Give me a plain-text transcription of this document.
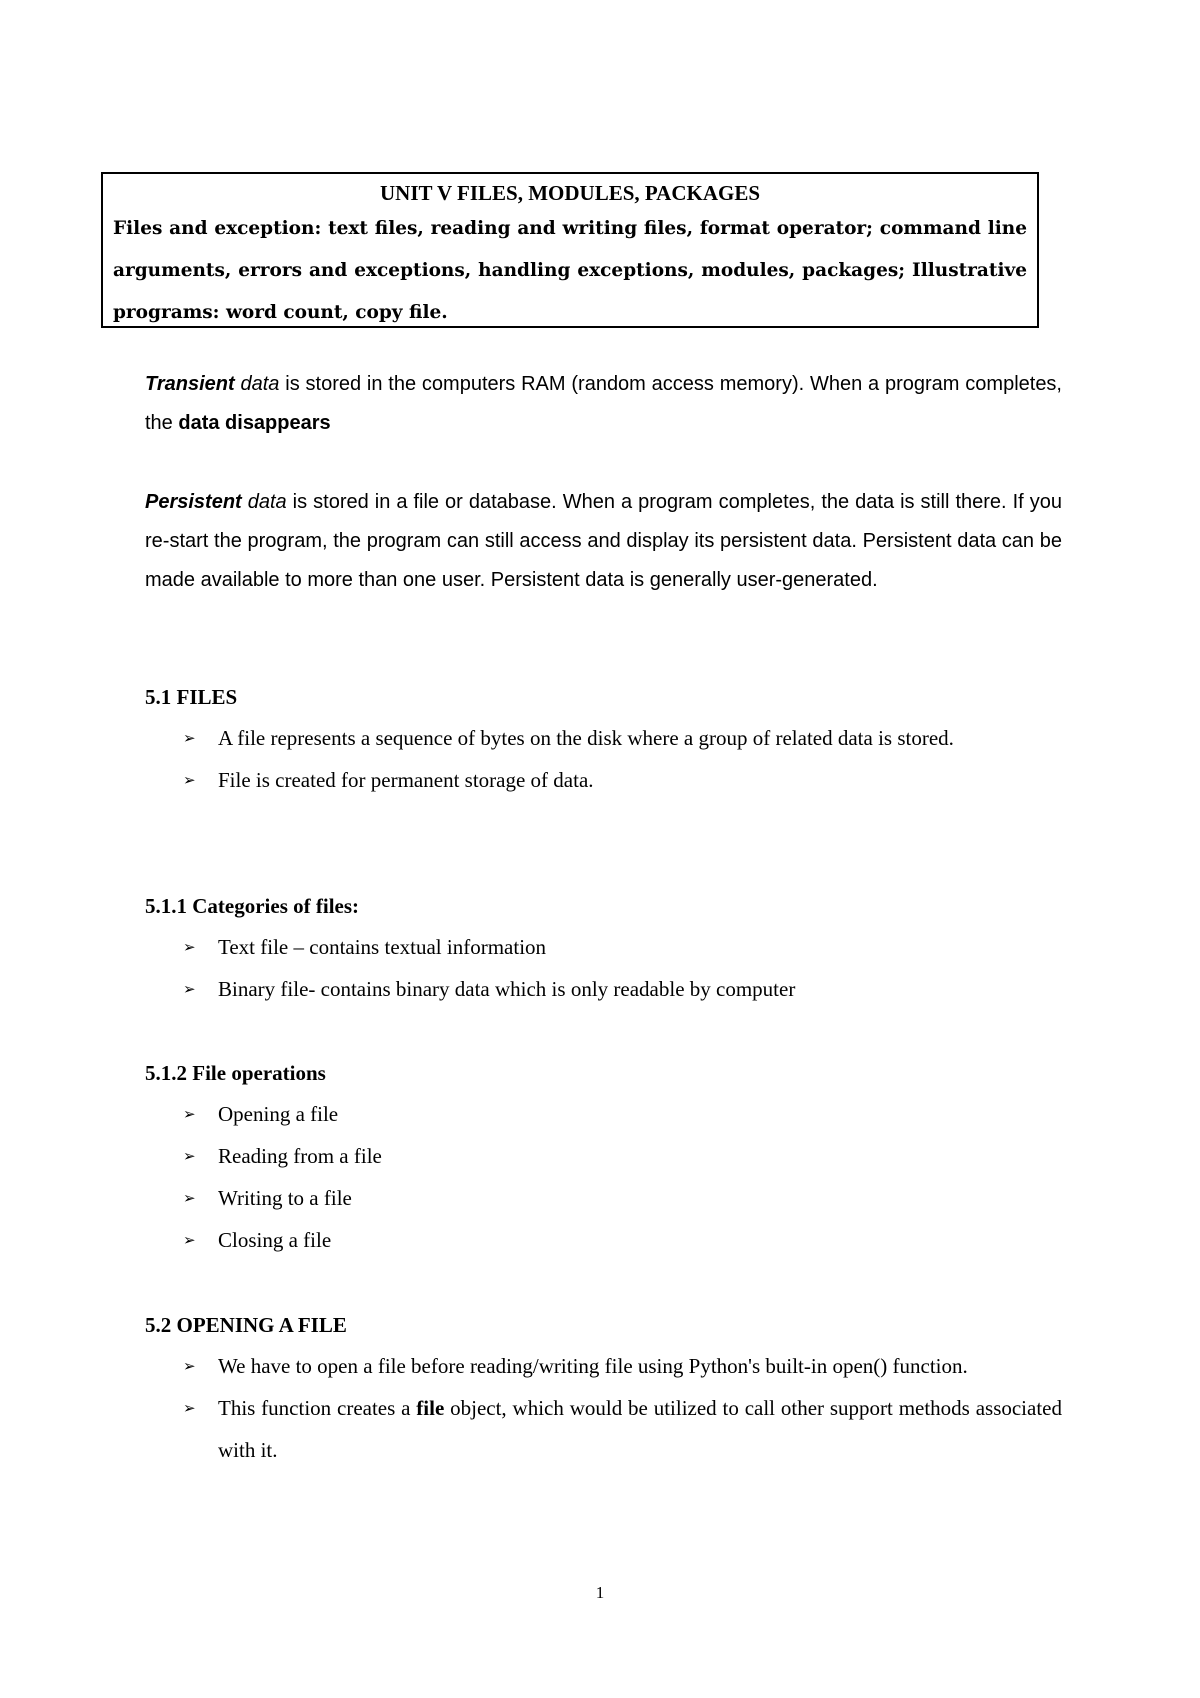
UNIT V FILES, MODULES, PACKAGES

Files and exception: text files, reading and writing files, format operator; command line arguments, errors and exceptions, handling exceptions, modules, packages; Illustrative programs: word count, copy file.

Transient data is stored in the computers RAM (random access memory). When a program completes, the data disappears

Persistent data is stored in a file or database. When a program completes, the data is still there. If you re-start the program, the program can still access and display its persistent data. Persistent data can be made available to more than one user. Persistent data is generally user-generated.

5.1 FILES
➢ A file represents a sequence of bytes on the disk where a group of related data is stored.
➢ File is created for permanent storage of data.
5.1.1 Categories of files:
➢ Text file – contains textual information
➢ Binary file- contains binary data which is only readable by computer
5.1.2 File operations
➢ Opening a file
➢ Reading from a file
➢ Writing to a file
➢ Closing a file
5.2 OPENING A FILE
➢ We have to open a file before reading/writing file using Python's built-in open() function.
➢ This function creates a file object, which would be utilized to call other support methods associated with it.
1
